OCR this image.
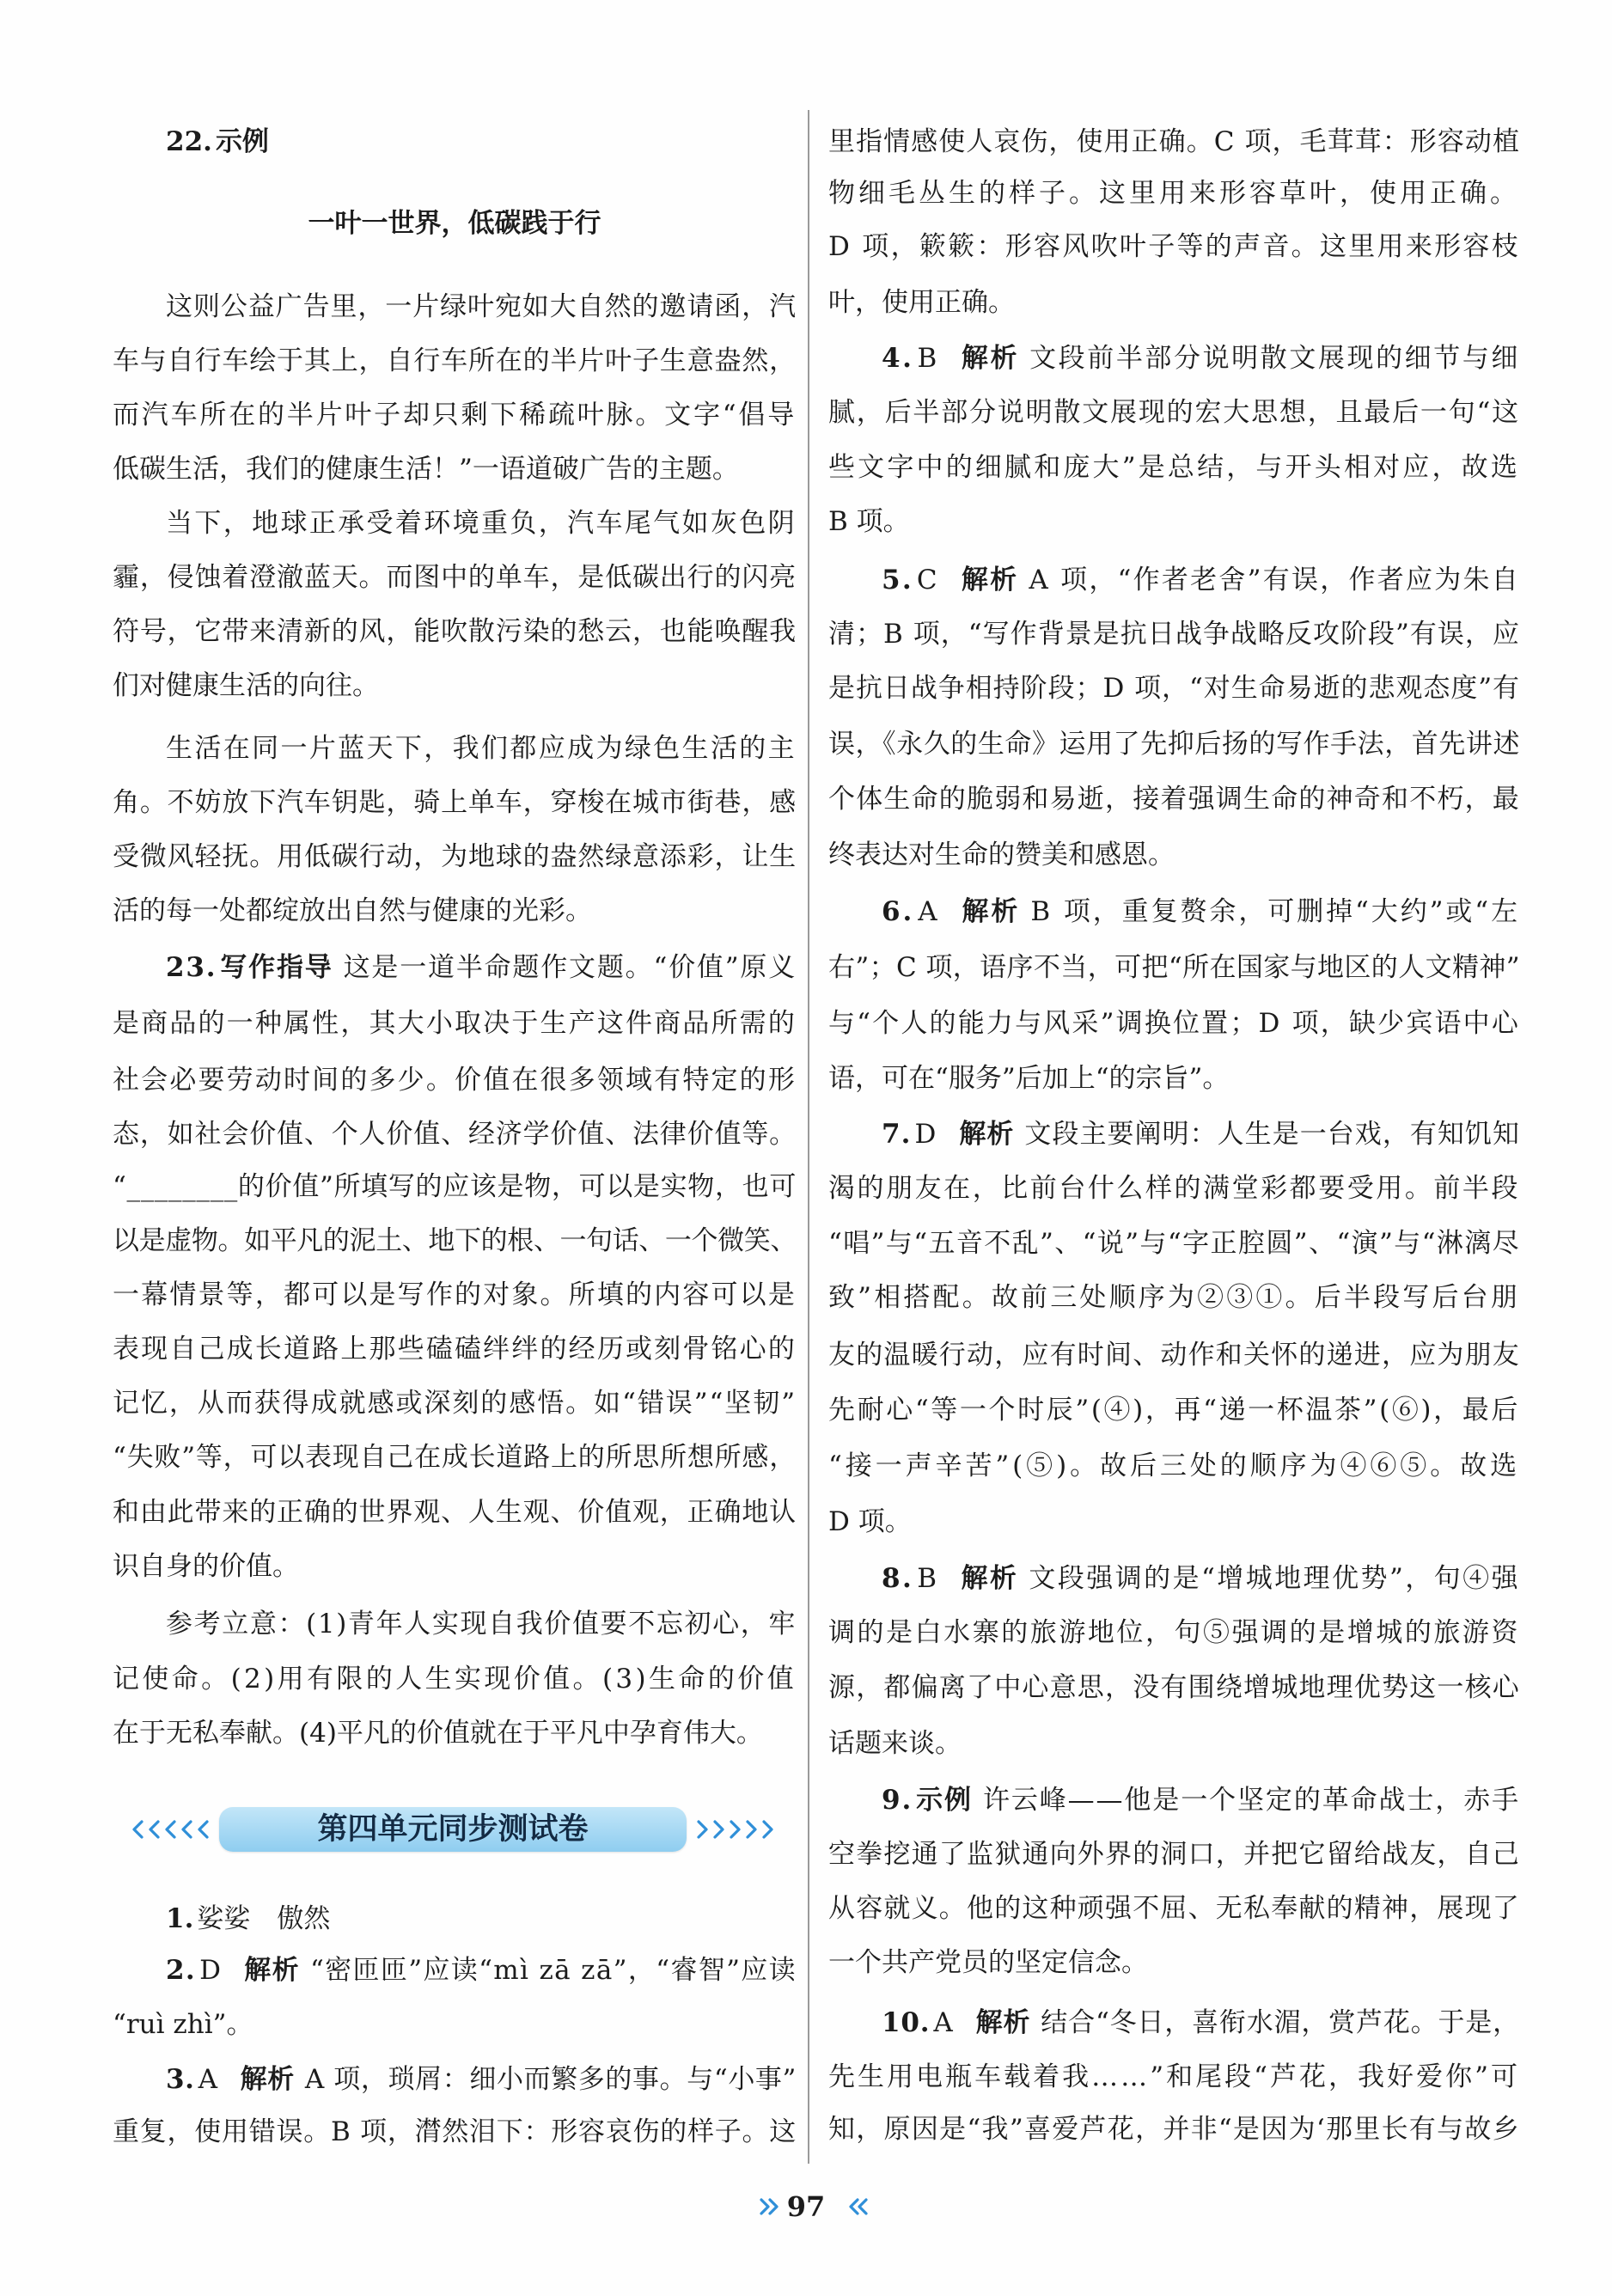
22. 示例
一叶一世界，低碳践于行
这则公益广告里，一片绿叶宛如大自然的邀请函，汽
车与自行车绘于其上，自行车所在的半片叶子生意盎然，
而汽车所在的半片叶子却只剩下稀疏叶脉。文字“倡导
低碳生活，我们的健康生活！”一语道破广告的主题。
当下，地球正承受着环境重负，汽车尾气如灰色阴
霾，侵蚀着澄澈蓝天。而图中的单车，是低碳出行的闪亮
符号，它带来清新的风，能吹散污染的愁云，也能唤醒我
们对健康生活的向往。
生活在同一片蓝天下，我们都应成为绿色生活的主
角。不妨放下汽车钥匙，骑上单车，穿梭在城市街巷，感
受微风轻抚。用低碳行动，为地球的盎然绿意添彩，让生
活的每一处都绽放出自然与健康的光彩。
23. 写作指导 这是一道半命题作文题。“价值”原义
是商品的一种属性，其大小取决于生产这件商品所需的
社会必要劳动时间的多少。价值在很多领域有特定的形
态，如社会价值、个人价值、经济学价值、法律价值等。
“________的价值”所填写的应该是物，可以是实物，也可
以是虚物。如平凡的泥土、地下的根、一句话、一个微笑、
一幕情景等，都可以是写作的对象。所填的内容可以是
表现自己成长道路上那些磕磕绊绊的经历或刻骨铭心的
记忆，从而获得成就感或深刻的感悟。如“错误”“坚韧”
“失败”等，可以表现自己在成长道路上的所思所想所感，
和由此带来的正确的世界观、人生观、价值观，正确地认
识自身的价值。
参考立意：(1)青年人实现自我价值要不忘初心，牢
记使命。(2)用有限的人生实现价值。(3)生命的价值
在于无私奉献。(4)平凡的价值就在于平凡中孕育伟大。
1. 娑娑　傲然
2. D 解析 “密匝匝”应读“mì zā zā”，“睿智”应读
“ruì zhì”。
3. A 解析 A 项，琐屑：细小而繁多的事。与“小事”
重复，使用错误。B 项，潸然泪下：形容哀伤的样子。这
里指情感使人哀伤，使用正确。C 项，毛茸茸：形容动植
物细毛丛生的样子。这里用来形容草叶，使用正确。
D 项，簌簌：形容风吹叶子等的声音。这里用来形容枝
叶，使用正确。
4. B 解析 文段前半部分说明散文展现的细节与细
腻，后半部分说明散文展现的宏大思想，且最后一句“这
些文字中的细腻和庞大”是总结，与开头相对应，故选
B 项。
5. C 解析 A 项，“作者老舍”有误，作者应为朱自
清；B 项，“写作背景是抗日战争战略反攻阶段”有误，应
是抗日战争相持阶段；D 项，“对生命易逝的悲观态度”有
误，《永久的生命》运用了先抑后扬的写作手法，首先讲述
个体生命的脆弱和易逝，接着强调生命的神奇和不朽，最
终表达对生命的赞美和感恩。
6. A 解析 B 项，重复赘余，可删掉“大约”或“左
右”；C 项，语序不当，可把“所在国家与地区的人文精神”
与“个人的能力与风采”调换位置；D 项，缺少宾语中心
语，可在“服务”后加上“的宗旨”。
7. D 解析 文段主要阐明：人生是一台戏，有知饥知
渴的朋友在，比前台什么样的满堂彩都要受用。前半段
“唱”与“五音不乱”、“说”与“字正腔圆”、“演”与“淋漓尽
致”相搭配。故前三处顺序为②③①。后半段写后台朋
友的温暖行动，应有时间、动作和关怀的递进，应为朋友
先耐心“等一个时辰”(④)，再“递一杯温茶”(⑥)，最后
“接一声辛苦”(⑤)。故后三处的顺序为④⑥⑤。故选
D 项。
8. B 解析 文段强调的是“增城地理优势”，句④强
调的是白水寨的旅游地位，句⑤强调的是增城的旅游资
源，都偏离了中心意思，没有围绕增城地理优势这一核心
话题来谈。
9. 示例 许云峰——他是一个坚定的革命战士，赤手
空拳挖通了监狱通向外界的洞口，并把它留给战友，自己
从容就义。他的这种顽强不屈、无私奉献的精神，展现了
一个共产党员的坚定信念。
10. A 解析 结合“冬日，喜衔水湄，赏芦花。于是，
先生用电瓶车载着我……”和尾段“芦花，我好爱你”可
知，原因是“我”喜爱芦花，并非“是因为‘那里长有与故乡
第四单元同步测试卷
97
